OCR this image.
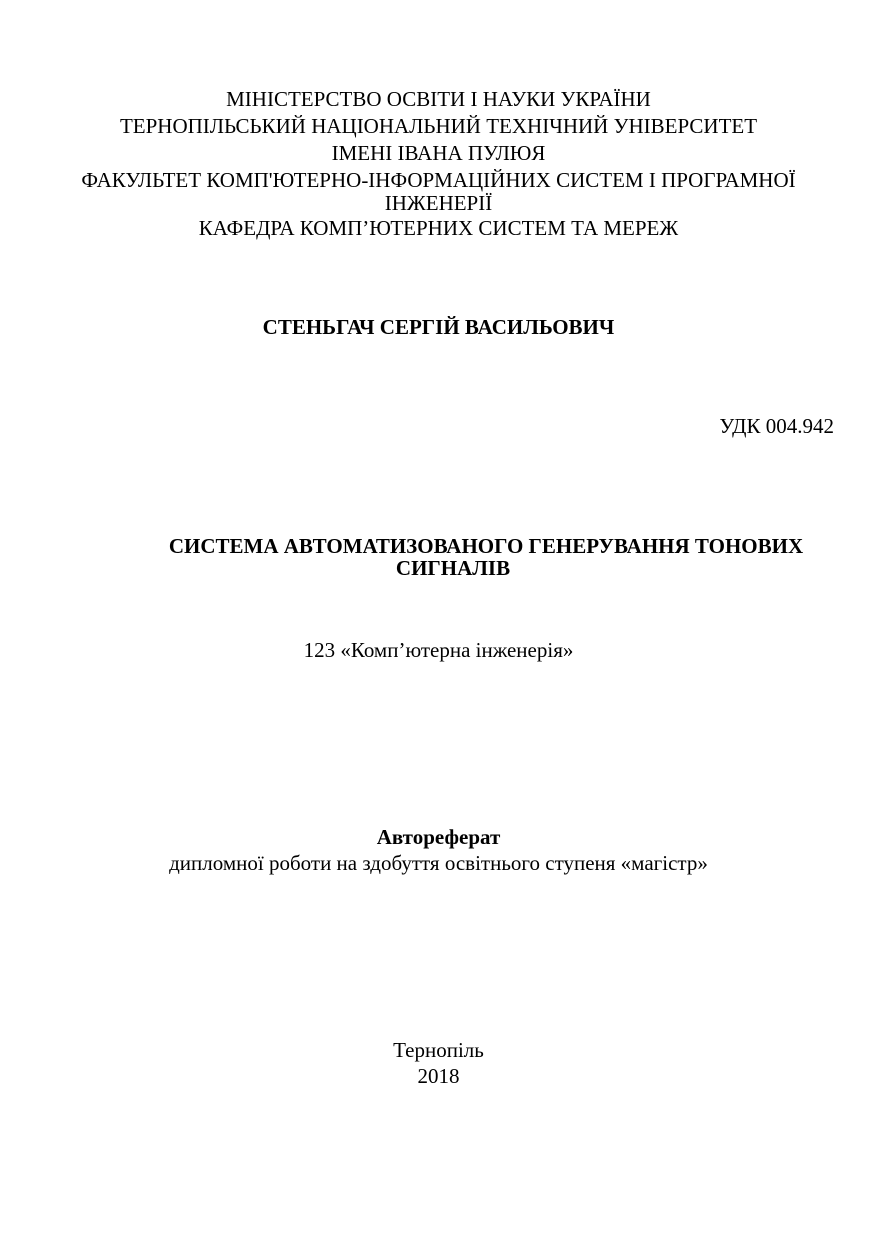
МІНІСТЕРСТВО ОСВІТИ І НАУКИ УКРАЇНИ
ТЕРНОПІЛЬСЬКИЙ НАЦІОНАЛЬНИЙ ТЕХНІЧНИЙ УНІВЕРСИТЕТ
ІМЕНІ ІВАНА ПУЛЮЯ
ФАКУЛЬТЕТ КОМП'ЮТЕРНО-ІНФОРМАЦІЙНИХ СИСТЕМ І ПРОГРАМНОЇ
ІНЖЕНЕРІЇ
КАФЕДРА КОМП’ЮТЕРНИХ СИСТЕМ ТА МЕРЕЖ
СТЕНЬГАЧ СЕРГІЙ ВАСИЛЬОВИЧ
УДК 004.942
СИСТЕМА АВТОМАТИЗОВАНОГО ГЕНЕРУВАННЯ ТОНОВИХ
СИГНАЛІВ
123 «Комп’ютерна інженерія»
Автореферат
дипломної роботи на здобуття освітнього ступеня «магістр»
Тернопіль
2018
